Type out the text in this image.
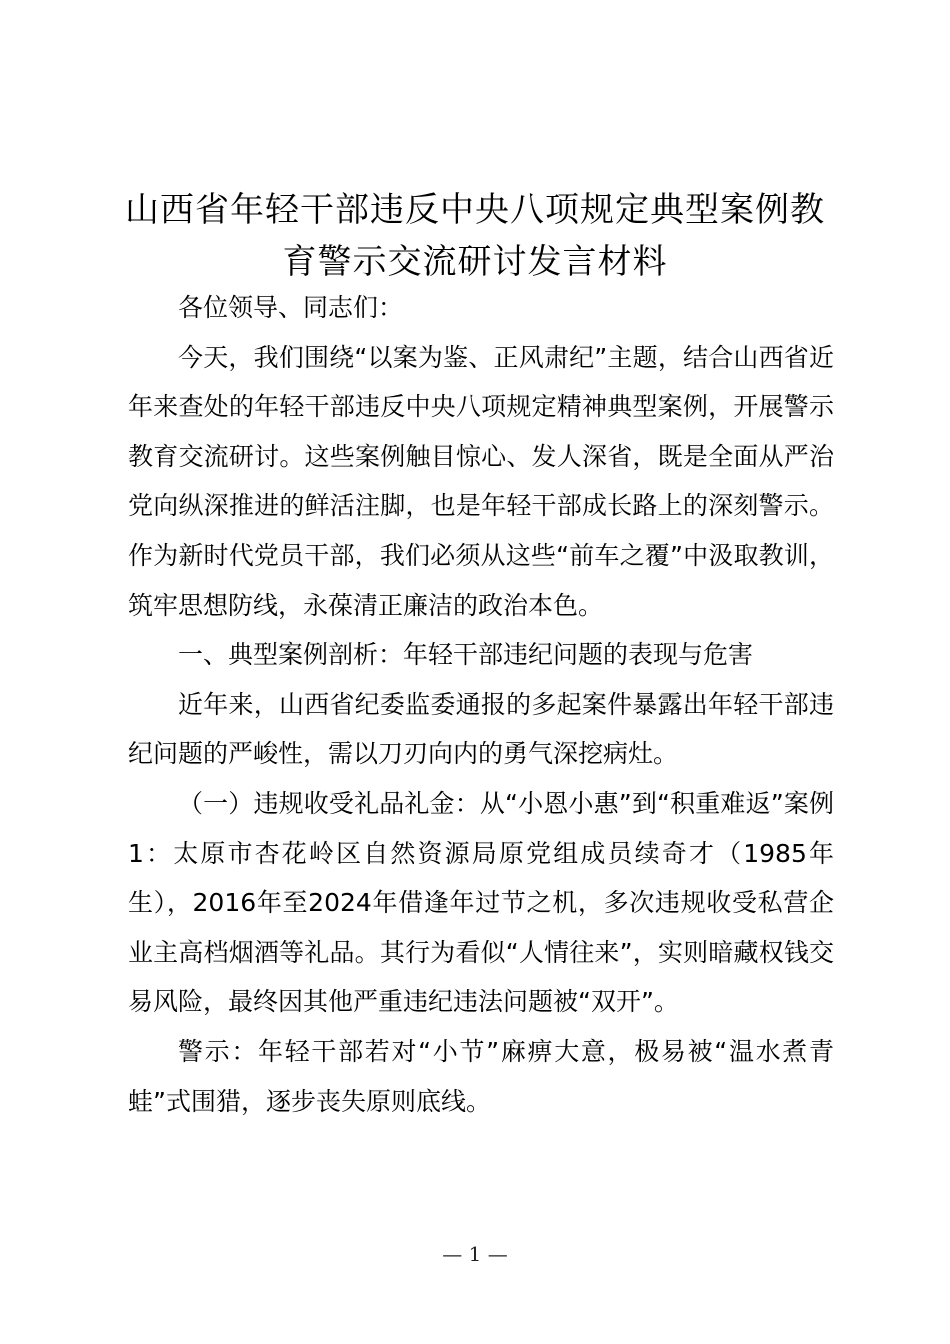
山西省年轻干部违反中央八项规定典型案例教
育警示交流研讨发言材料

各位领导、同志们：

今天，我们围绕“以案为鉴、正风肃纪”主题，结合山西省近年来查处的年轻干部违反中央八项规定精神典型案例，开展警示教育交流研讨。这些案例触目惊心、发人深省，既是全面从严治党向纵深推进的鲜活注脚，也是年轻干部成长路上的深刻警示。作为新时代党员干部，我们必须从这些“前车之覆”中汲取教训，筑牢思想防线，永葆清正廉洁的政治本色。

一、典型案例剖析：年轻干部违纪问题的表现与危害

近年来，山西省纪委监委通报的多起案件暴露出年轻干部违纪问题的严峻性，需以刀刃向内的勇气深挖病灶。

（一）违规收受礼品礼金：从“小恩小惠”到“积重难返”案例1：太原市杏花岭区自然资源局原党组成员续奇才（1985年生），2016年至2024年借逢年过节之机，多次违规收受私营企业主高档烟酒等礼品。其行为看似“人情往来”，实则暗藏权钱交易风险，最终因其他严重违纪违法问题被“双开”。

警示：年轻干部若对“小节”麻痹大意，极易被“温水煮青蛙”式围猎，逐步丧失原则底线。

— 1 —
